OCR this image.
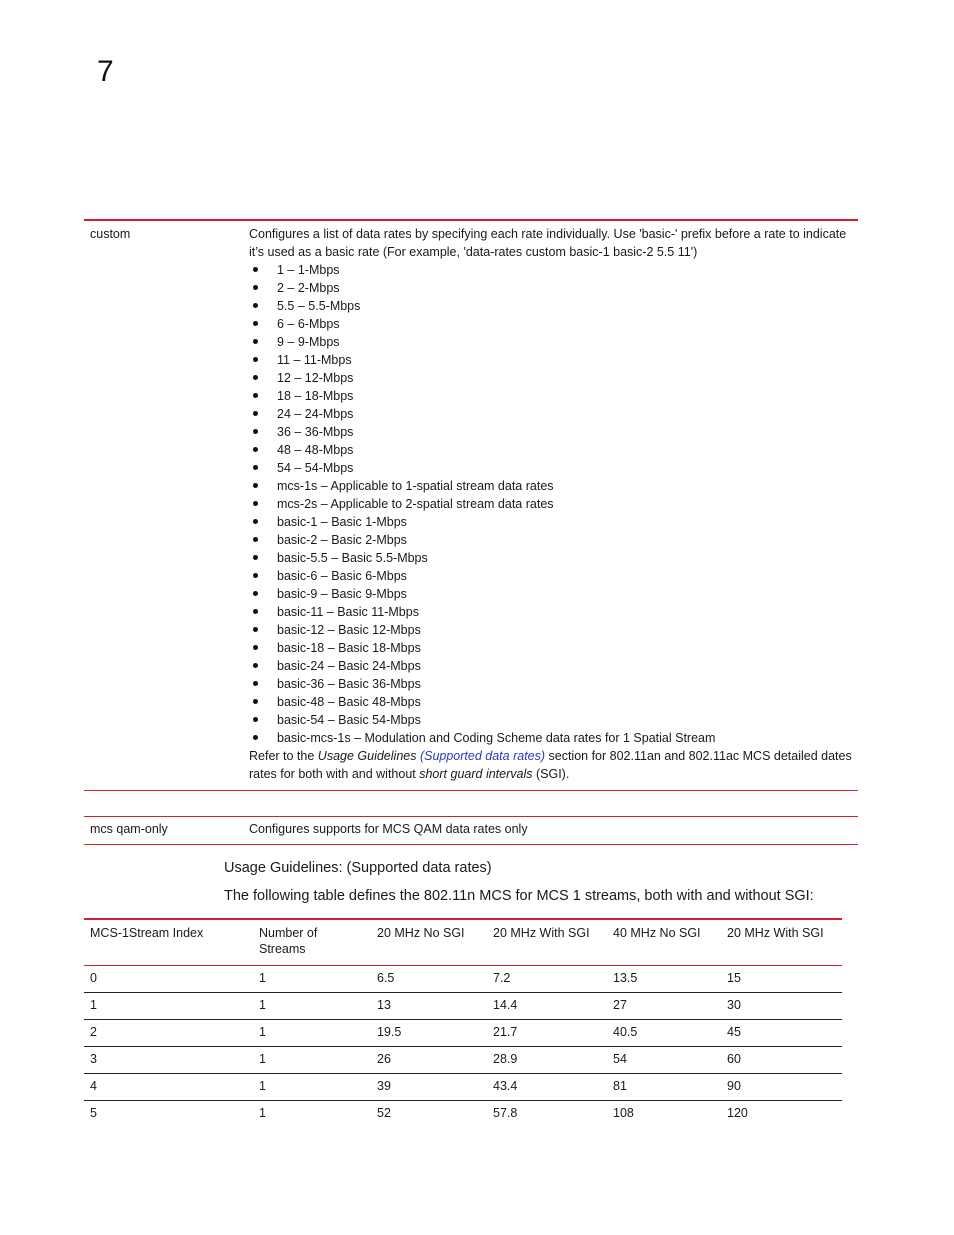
7
custom	Configures a list of data rates by specifying each rate individually. Use 'basic-' prefix before a rate to indicate it’s used as a basic rate (For example, 'data-rates custom basic-1 basic-2 5.5 11')
1 – 1-Mbps
2 – 2-Mbps
5.5 – 5.5-Mbps
6 – 6-Mbps
9 – 9-Mbps
11 – 11-Mbps
12 – 12-Mbps
18 – 18-Mbps
24 – 24-Mbps
36 – 36-Mbps
48 – 48-Mbps
54 – 54-Mbps
mcs-1s – Applicable to 1-spatial stream data rates
mcs-2s – Applicable to 2-spatial stream data rates
basic-1 – Basic 1-Mbps
basic-2 – Basic 2-Mbps
basic-5.5 – Basic 5.5-Mbps
basic-6 – Basic 6-Mbps
basic-9 – Basic 9-Mbps
basic-11 – Basic 11-Mbps
basic-12 – Basic 12-Mbps
basic-18 – Basic 18-Mbps
basic-24 – Basic 24-Mbps
basic-36 – Basic 36-Mbps
basic-48 – Basic 48-Mbps
basic-54 – Basic 54-Mbps
basic-mcs-1s – Modulation and Coding Scheme data rates for 1 Spatial Stream
Refer to the Usage Guidelines (Supported data rates) section for 802.11an and 802.11ac MCS detailed dates rates for both with and without short guard intervals (SGI).
mcs qam-only	Configures supports for MCS QAM data rates only

Usage Guidelines: (Supported data rates)

The following table defines the 802.11n MCS for MCS 1 streams, both with and without SGI:

MCS-1Stream Index	Number of Streams	20 MHz No SGI	20 MHz With SGI	40 MHz No SGI	20 MHz With SGI
0	1	6.5	7.2	13.5	15
1	1	13	14.4	27	30
2	1	19.5	21.7	40.5	45
3	1	26	28.9	54	60
4	1	39	43.4	81	90
5	1	52	57.8	108	120
